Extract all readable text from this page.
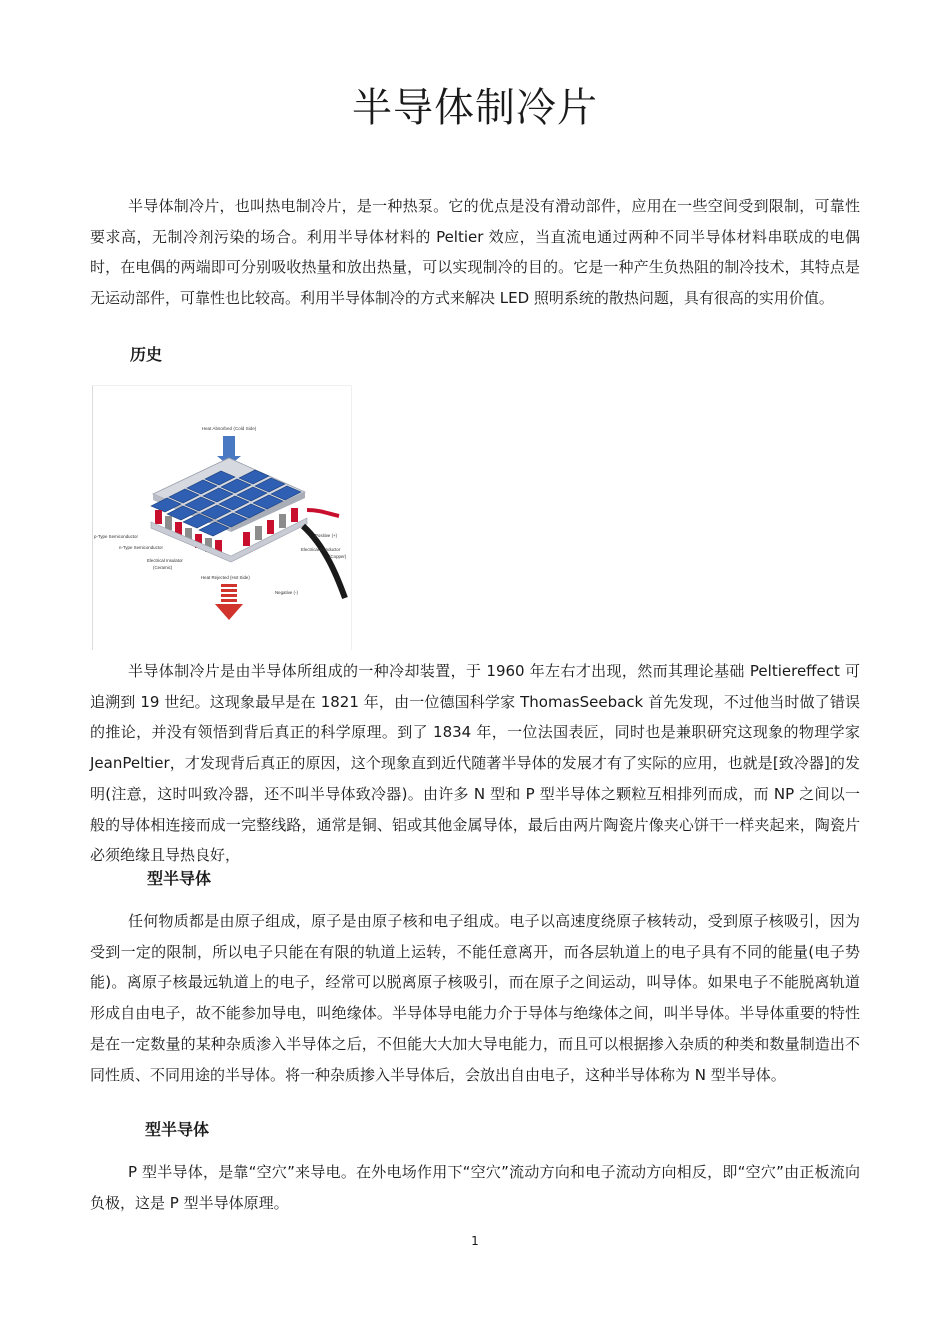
半导体制冷片

半导体制冷片，也叫热电制冷片，是一种热泵。它的优点是没有滑动部件，应用在一些空间受到限制，可靠性要求高，无制冷剂污染的场合。利用半导体材料的 Peltier 效应，当直流电通过两种不同半导体材料串联成的电偶时，在电偶的两端即可分别吸收热量和放出热量，可以实现制冷的目的。它是一种产生负热阻的制冷技术，其特点是无运动部件，可靠性也比较高。利用半导体制冷的方式来解决 LED 照明系统的散热问题，具有很高的实用价值。

历史
Heat Absorbed (Cold Side)
p-Type Semiconductor
n-Type Semiconductor
Electrical Insulator
(Ceramic)
Heat Rejected (Hot Side)
Positive (+)
Electrical Conductor
(Copper)
Negative (-)

半导体制冷片是由半导体所组成的一种冷却装置，于 1960 年左右才出现，然而其理论基础 Peltiereffect 可追溯到 19 世纪。这现象最早是在 1821 年，由一位德国科学家 ThomasSeeback 首先发现，不过他当时做了错误的推论，并没有领悟到背后真正的科学原理。到了 1834 年，一位法国表匠，同时也是兼职研究这现象的物理学家 JeanPeltier，才发现背后真正的原因，这个现象直到近代随著半导体的发展才有了实际的应用，也就是[致冷器]的发明(注意，这时叫致冷器，还不叫半导体致冷器)。由许多 N 型和 P 型半导体之颗粒互相排列而成，而 NP 之间以一般的导体相连接而成一完整线路，通常是铜、铝或其他金属导体，最后由两片陶瓷片像夹心饼干一样夹起来，陶瓷片必须绝缘且导热良好，

型半导体

任何物质都是由原子组成，原子是由原子核和电子组成。电子以高速度绕原子核转动，受到原子核吸引，因为受到一定的限制，所以电子只能在有限的轨道上运转，不能任意离开，而各层轨道上的电子具有不同的能量(电子势能)。离原子核最远轨道上的电子，经常可以脱离原子核吸引，而在原子之间运动，叫导体。如果电子不能脱离轨道形成自由电子，故不能参加导电，叫绝缘体。半导体导电能力介于导体与绝缘体之间，叫半导体。半导体重要的特性是在一定数量的某种杂质渗入半导体之后，不但能大大加大导电能力，而且可以根据掺入杂质的种类和数量制造出不同性质、不同用途的半导体。将一种杂质掺入半导体后，会放出自由电子，这种半导体称为 N 型半导体。

型半导体

P 型半导体，是靠“空穴”来导电。在外电场作用下“空穴”流动方向和电子流动方向相反，即“空穴”由正板流向负极，这是 P 型半导体原理。

1
